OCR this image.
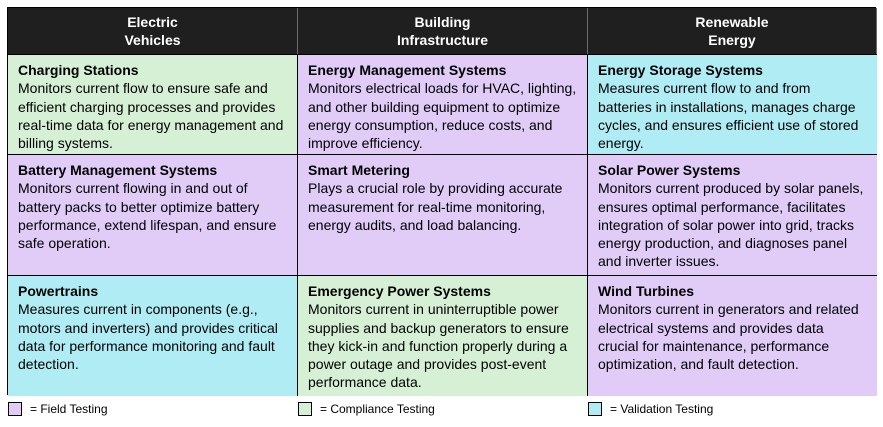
Electric
Vehicles
Building
Infrastructure
Renewable
Energy
Charging Stations
Monitors current flow to ensure safe and efficient charging processes and provides real-time data for energy management and billing systems.
Energy Management Systems
Monitors electrical loads for HVAC, lighting, and other building equipment to optimize energy consumption, reduce costs, and improve efficiency.
Energy Storage Systems
Measures current flow to and from batteries in installations, manages charge cycles, and ensures efficient use of stored energy.
Battery Management Systems
Monitors current flowing in and out of battery packs to better optimize battery performance, extend lifespan, and ensure safe operation.
Smart Metering
Plays a crucial role by providing accurate measurement for real-time monitoring, energy audits, and load balancing.
Solar Power Systems
Monitors current produced by solar panels, ensures optimal performance, facilitates integration of solar power into grid, tracks energy production, and diagnoses panel and inverter issues.
Powertrains
Measures current in components (e.g., motors and inverters) and provides critical data for performance monitoring and fault detection.
Emergency Power Systems
Monitors current in uninterruptible power supplies and backup generators to ensure they kick-in and function properly during a power outage and provides post-event performance data.
Wind Turbines
Monitors current in generators and related electrical systems and provides data crucial for maintenance, performance optimization, and fault detection.
= Field Testing	= Compliance Testing	= Validation Testing
